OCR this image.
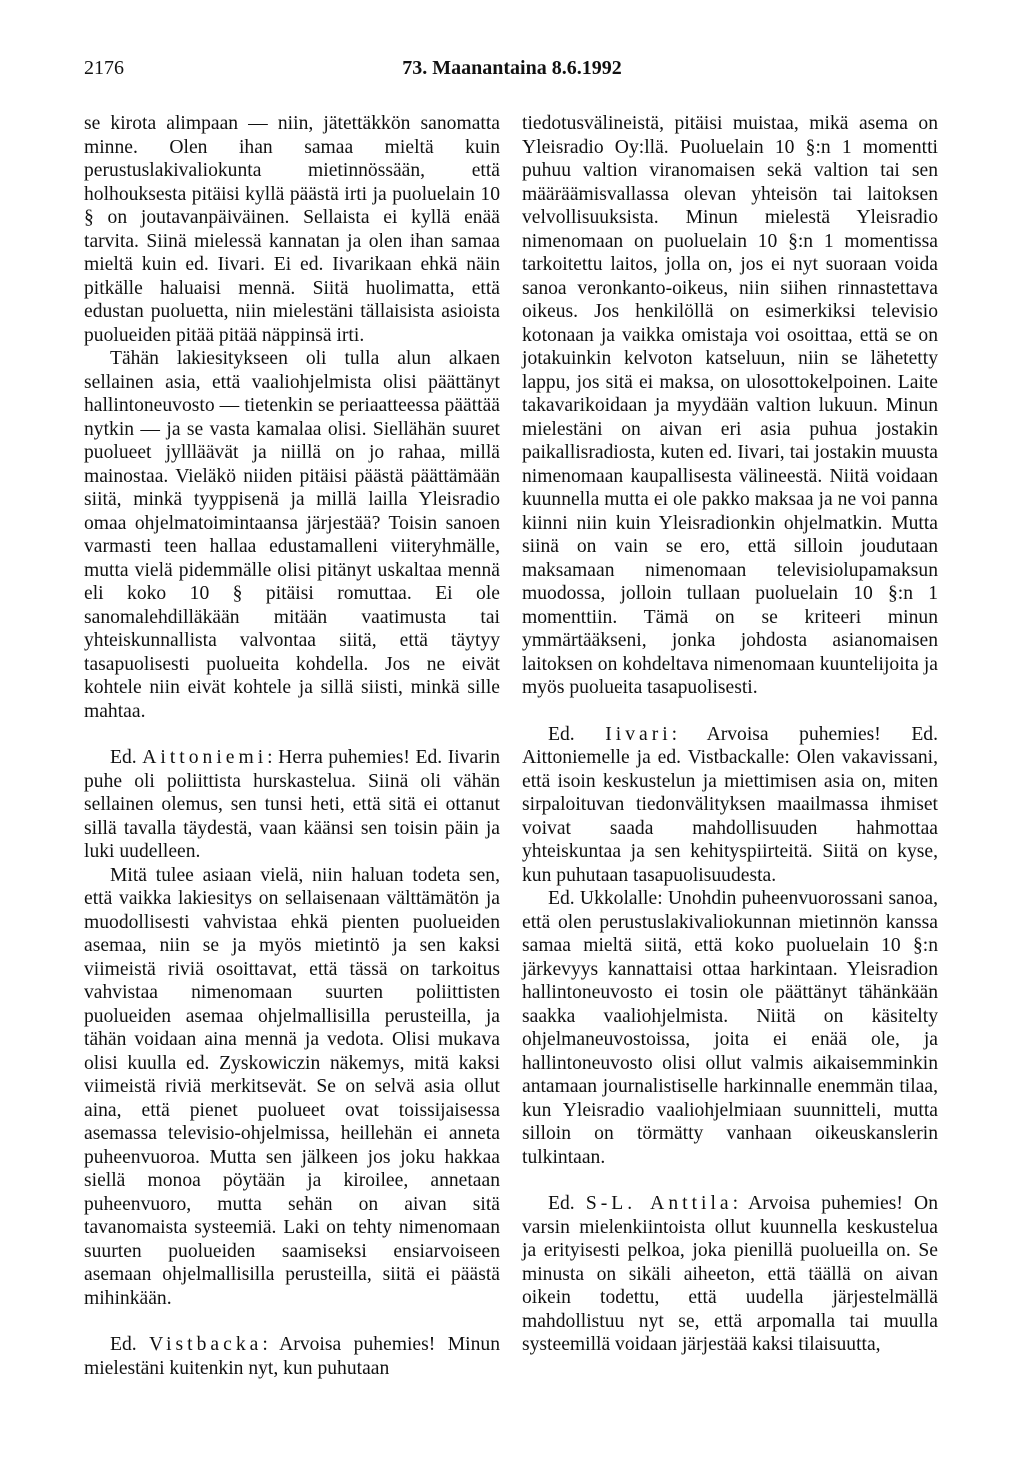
2176	73. Maanantaina 8.6.1992

se kirota alimpaan — niin, jätettäkkön sanomatta minne. Olen ihan samaa mieltä kuin perustuslakivaliokunta mietinnössään, että holhouksesta pitäisi kyllä päästä irti ja puoluelain 10 § on joutavanpäiväinen. Sellaista ei kyllä enää tarvita. Siinä mielessä kannatan ja olen ihan samaa mieltä kuin ed. Iivari. Ei ed. Iivarikaan ehkä näin pitkälle haluaisi mennä. Siitä huolimatta, että edustan puoluetta, niin mielestäni tällaisista asioista puolueiden pitää pitää näppinsä irti.

Tähän lakiesitykseen oli tulla alun alkaen sellainen asia, että vaaliohjelmista olisi päättänyt hallintoneuvosto — tietenkin se periaatteessa päättää nytkin — ja se vasta kamalaa olisi. Siellähän suuret puolueet jyllläävät ja niillä on jo rahaa, millä mainostaa. Vieläkö niiden pitäisi päästä päättämään siitä, minkä tyyppisenä ja millä lailla Yleisradio omaa ohjelmatoimintaansa järjestää? Toisin sanoen varmasti teen hallaa edustamalleni viiteryhmälle, mutta vielä pidemmälle olisi pitänyt uskaltaa mennä eli koko 10 § pitäisi romuttaa. Ei ole sanomalehdilläkään mitään vaatimusta tai yhteiskunnallista valvontaa siitä, että täytyy tasapuolisesti puolueita kohdella. Jos ne eivät kohtele niin eivät kohtele ja sillä siisti, minkä sille mahtaa.

Ed. Aittoniemi: Herra puhemies! Ed. Iivarin puhe oli poliittista hurskastelua. Siinä oli vähän sellainen olemus, sen tunsi heti, että sitä ei ottanut sillä tavalla täydestä, vaan käänsi sen toisin päin ja luki uudelleen.

Mitä tulee asiaan vielä, niin haluan todeta sen, että vaikka lakiesitys on sellaisenaan välttämätön ja muodollisesti vahvistaa ehkä pienten puolueiden asemaa, niin se ja myös mietintö ja sen kaksi viimeistä riviä osoittavat, että tässä on tarkoitus vahvistaa nimenomaan suurten poliittisten puolueiden asemaa ohjelmallisilla perusteilla, ja tähän voidaan aina mennä ja vedota. Olisi mukava olisi kuulla ed. Zyskowiczin näkemys, mitä kaksi viimeistä riviä merkitsevät. Se on selvä asia ollut aina, että pienet puolueet ovat toissijaisessa asemassa televisio-ohjelmissa, heillehän ei anneta puheenvuoroa. Mutta sen jälkeen jos joku hakkaa siellä monoa pöytään ja kiroilee, annetaan puheenvuoro, mutta sehän on aivan sitä tavanomaista systeemiä. Laki on tehty nimenomaan suurten puolueiden saamiseksi ensiarvoiseen asemaan ohjelmallisilla perusteilla, siitä ei päästä mihinkään.

Ed. Vistbacka: Arvoisa puhemies! Minun mielestäni kuitenkin nyt, kun puhutaan

tiedotusvälineistä, pitäisi muistaa, mikä asema on Yleisradio Oy:llä. Puoluelain 10 §:n 1 momentti puhuu valtion viranomaisen sekä valtion tai sen määräämisvallassa olevan yhteisön tai laitoksen velvollisuuksista. Minun mielestä Yleisradio nimenomaan on puoluelain 10 §:n 1 momentissa tarkoitettu laitos, jolla on, jos ei nyt suoraan voida sanoa veronkanto-oikeus, niin siihen rinnastettava oikeus. Jos henkilöllä on esimerkiksi televisio kotonaan ja vaikka omistaja voi osoittaa, että se on jotakuinkin kelvoton katseluun, niin se lähetetty lappu, jos sitä ei maksa, on ulosottokelpoinen. Laite takavarikoidaan ja myydään valtion lukuun. Minun mielestäni on aivan eri asia puhua jostakin paikallisradiosta, kuten ed. Iivari, tai jostakin muusta nimenomaan kaupallisesta välineestä. Niitä voidaan kuunnella mutta ei ole pakko maksaa ja ne voi panna kiinni niin kuin Yleisradionkin ohjelmatkin. Mutta siinä on vain se ero, että silloin joudutaan maksamaan nimenomaan televisiolupamaksun muodossa, jolloin tullaan puoluelain 10 §:n 1 momenttiin. Tämä on se kriteeri minun ymmärtääkseni, jonka johdosta asianomaisen laitoksen on kohdeltava nimenomaan kuuntelijoita ja myös puolueita tasapuolisesti.

Ed. Iivari: Arvoisa puhemies! Ed. Aittoniemelle ja ed. Vistbackalle: Olen vakavissani, että isoin keskustelun ja miettimisen asia on, miten sirpaloituvan tiedonvälityksen maailmassa ihmiset voivat saada mahdollisuuden hahmottaa yhteiskuntaa ja sen kehityspiirteitä. Siitä on kyse, kun puhutaan tasapuolisuudesta.

Ed. Ukkolalle: Unohdin puheenvuorossani sanoa, että olen perustuslakivaliokunnan mietinnön kanssa samaa mieltä siitä, että koko puoluelain 10 §:n järkevyys kannattaisi ottaa harkintaan. Yleisradion hallintoneuvosto ei tosin ole päättänyt tähänkään saakka vaaliohjelmista. Niitä on käsitelty ohjelmaneuvostoissa, joita ei enää ole, ja hallintoneuvosto olisi ollut valmis aikaisemminkin antamaan journalistiselle harkinnalle enemmän tilaa, kun Yleisradio vaaliohjelmiaan suunnitteli, mutta silloin on törmätty vanhaan oikeuskanslerin tulkintaan.

Ed. S-L. Anttila: Arvoisa puhemies! On varsin mielenkiintoista ollut kuunnella keskustelua ja erityisesti pelkoa, joka pienillä puolueilla on. Se minusta on sikäli aiheeton, että täällä on aivan oikein todettu, että uudella järjestelmällä mahdollistuu nyt se, että arpomalla tai muulla systeemillä voidaan järjestää kaksi tilaisuutta,
